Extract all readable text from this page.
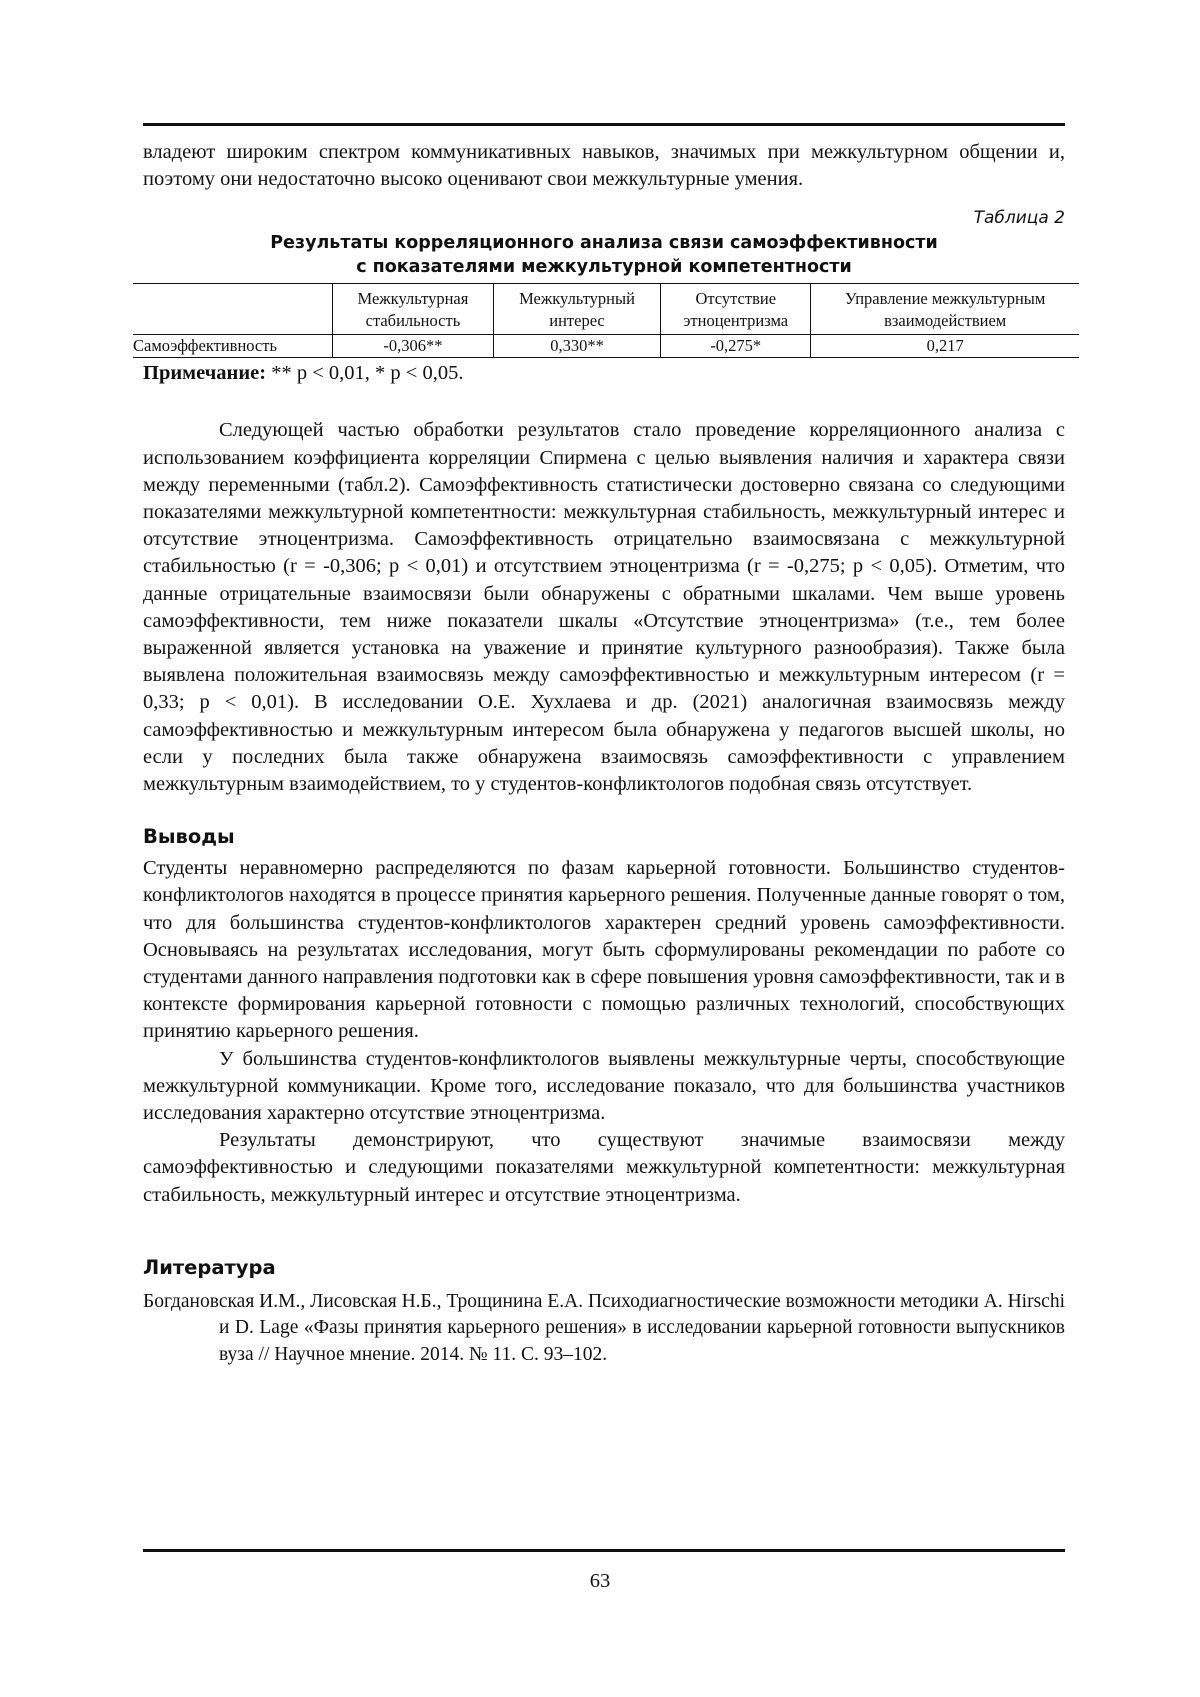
владеют широким спектром коммуникативных навыков, значимых при межкультурном общении и, поэтому они недостаточно высоко оценивают свои межкультурные умения.

Таблица 2
Результаты корреляционного анализа связи самоэффективности
с показателями межкультурной компетентности
	Межкультурная стабильность	Межкультурный интерес	Отсутствие этноцентризма	Управление межкультурным взаимодействием
Самоэффективность	-0,306**	0,330**	-0,275*	0,217
Примечание: ** p < 0,01, * p < 0,05.

Следующей частью обработки результатов стало проведение корреляционного анализа с использованием коэффициента корреляции Спирмена с целью выявления наличия и характера связи между переменными (табл.2). Самоэффективность статистически достоверно связана со следующими показателями межкультурной компетентности: межкультурная стабильность, межкультурный интерес и отсутствие этноцентризма. Самоэффективность отрицательно взаимосвязана с межкультурной стабильностью (r = -0,306; p < 0,01) и отсутствием этноцентризма (r = -0,275; p < 0,05). Отметим, что данные отрицательные взаимосвязи были обнаружены с обратными шкалами. Чем выше уровень самоэффективности, тем ниже показатели шкалы «Отсутствие этноцентризма» (т.е., тем более выраженной является установка на уважение и принятие культурного разнообразия). Также была выявлена положительная взаимосвязь между самоэффективностью и межкультурным интересом (r = 0,33; p < 0,01). В исследовании О.Е. Хухлаева и др. (2021) аналогичная взаимосвязь между самоэффективностью и межкультурным интересом была обнаружена у педагогов высшей школы, но если у последних была также обнаружена взаимосвязь самоэффективности с управлением межкультурным взаимодействием, то у студентов-конфликтологов подобная связь отсутствует.

Выводы

Студенты неравномерно распределяются по фазам карьерной готовности. Большинство студентов-конфликтологов находятся в процессе принятия карьерного решения. Полученные данные говорят о том, что для большинства студентов-конфликтологов характерен средний уровень самоэффективности. Основываясь на результатах исследования, могут быть сформулированы рекомендации по работе со студентами данного направления подготовки как в сфере повышения уровня самоэффективности, так и в контексте формирования карьерной готовности с помощью различных технологий, способствующих принятию карьерного решения.

У большинства студентов-конфликтологов выявлены межкультурные черты, способствующие межкультурной коммуникации. Кроме того, исследование показало, что для большинства участников исследования характерно отсутствие этноцентризма.

Результаты демонстрируют, что существуют значимые взаимосвязи между самоэффективностью и следующими показателями межкультурной компетентности: межкультурная стабильность, межкультурный интерес и отсутствие этноцентризма.

Литература

Богдановская И.М., Лисовская Н.Б., Трощинина Е.А. Психодиагностические возможности методики A. Hirschi и D. Lage «Фазы принятия карьерного решения» в исследовании карьерной готовности выпускников вуза // Научное мнение. 2014. № 11. С. 93–102.

63
